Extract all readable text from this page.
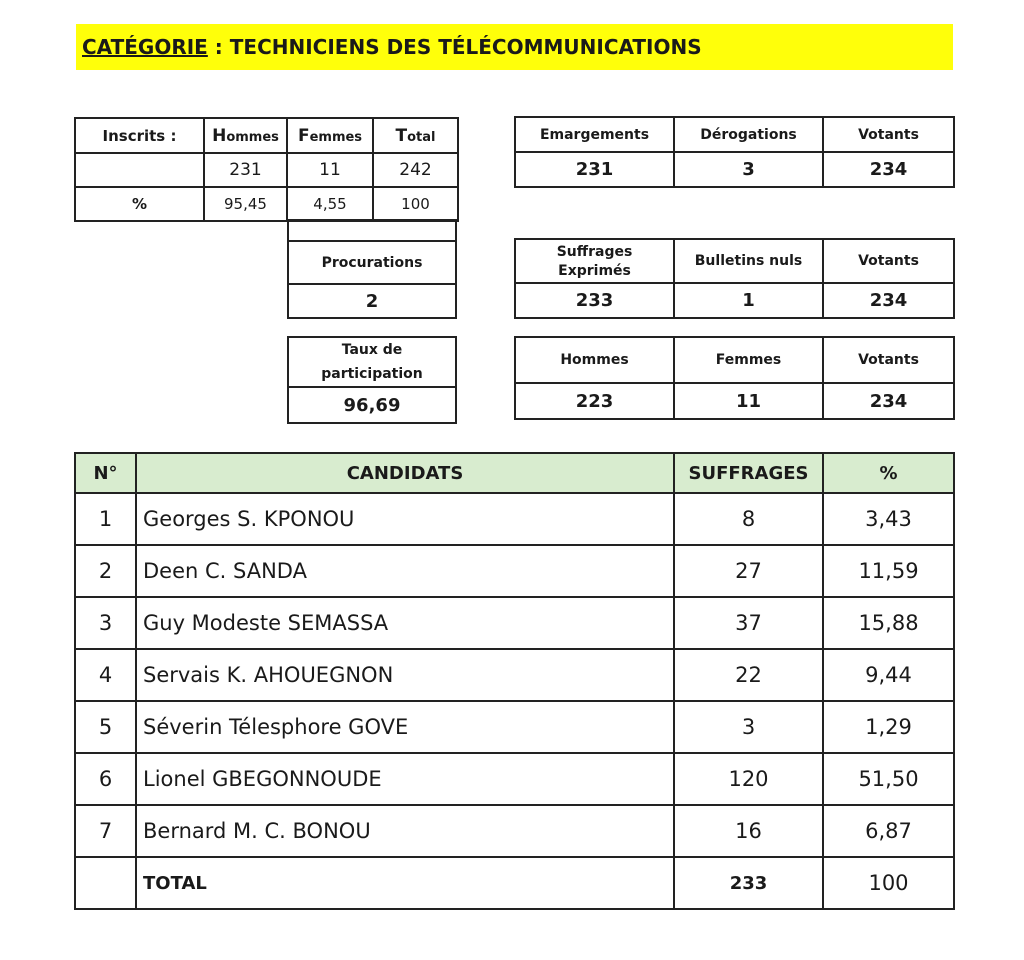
CATÉGORIE : TECHNICIENS DES TÉLÉCOMMUNICATIONS
Inscrits :	Hommes	Femmes	Total
	231	11	242
%	95,45	4,55	100

Procurations
2
Taux de
participation
96,69
Emargements	Dérogations	Votants
231	3	234
Suffrages Exprimés	Bulletins nuls	Votants
233	1	234
Hommes	Femmes	Votants
223	11	234
N°	CANDIDATS	SUFFRAGES	%
1	Georges S. KPONOU	8	3,43
2	Deen C. SANDA	27	11,59
3	Guy Modeste SEMASSA	37	15,88
4	Servais K. AHOUEGNON	22	9,44
5	Séverin Télesphore GOVE	3	1,29
6	Lionel GBEGONNOUDE	120	51,50
7	Bernard M. C. BONOU	16	6,87
	TOTAL	233	100
